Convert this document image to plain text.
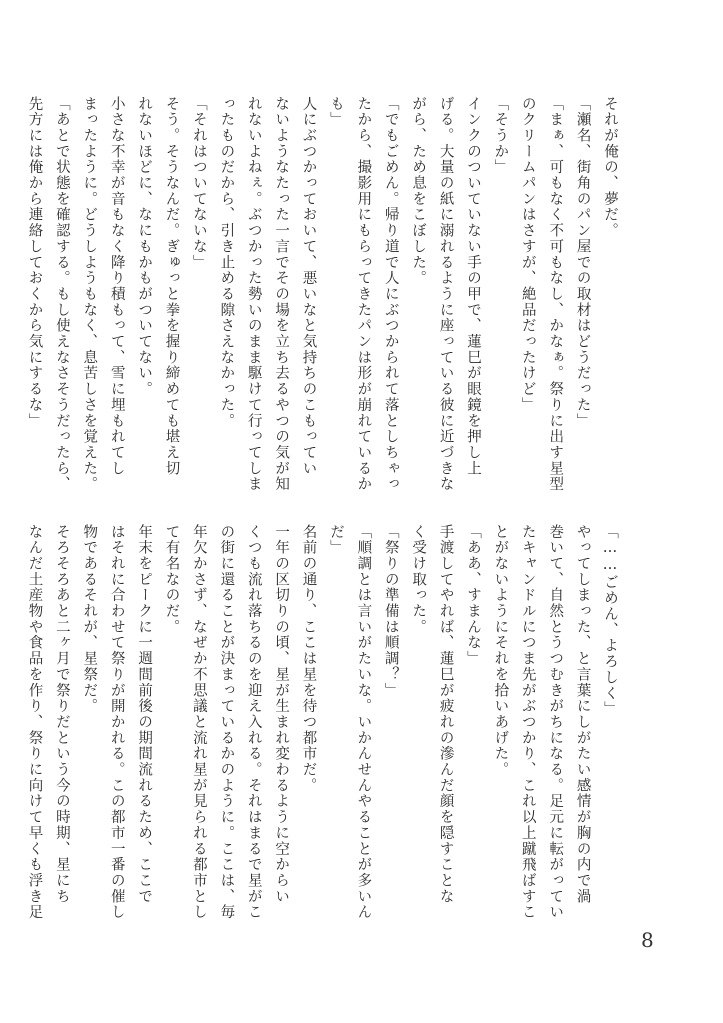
それが俺の、夢だ。
「瀬名、街角のパン屋での取材はどうだった」
「まぁ、可もなく不可もなし、かなぁ。祭りに出す星型
のクリームパンはさすが、絶品だったけど」
「そうか」
インクのついていない手の甲で、蓮巳が眼鏡を押し上
げる。大量の紙に溺れるように座っている彼に近づきな
がら、ため息をこぼした。
「でもごめん。帰り道で人にぶつかられて落としちゃっ
たから、撮影用にもらってきたパンは形が崩れているか
も」
人にぶつかっておいて、悪いなと気持ちのこもってい
ないようなたった一言でその場を立ち去るやつの気が知
れないよねぇ。ぶつかった勢いのまま駆けて行ってしま
ったものだから、引き止める隙さえなかった。
「それはついてないな」
そう。そうなんだ。ぎゅっと拳を握り締めても堪え切
れないほどに、なにもかもがついてない。
小さな不幸が音もなく降り積もって、雪に埋もれてし
まったように。どうしようもなく、息苦しさを覚えた。
「あとで状態を確認する。もし使えなさそうだったら、
先方には俺から連絡しておくから気にするな」
「……ごめん、よろしく」
やってしまった、と言葉にしがたい感情が胸の内で渦
巻いて、自然とうつむきがちになる。足元に転がってい
たキャンドルにつま先がぶつかり、これ以上蹴飛ばすこ
とがないようにそれを拾いあげた。
「ああ、すまんな」
手渡してやれば、蓮巳が疲れの滲んだ顔を隠すことな
く受け取った。
「祭りの準備は順調？」
「順調とは言いがたいな。いかんせんやることが多いん
だ」
名前の通り、ここは星を待つ都市だ。
一年の区切りの頃、星が生まれ変わるように空からい
くつも流れ落ちるのを迎え入れる。それはまるで星がこ
の街に還ることが決まっているかのように。ここは、毎
年欠かさず、なぜか不思議と流れ星が見られる都市とし
て有名なのだ。
年末をピークに一週間前後の期間流れるため、ここで
はそれに合わせて祭りが開かれる。この都市一番の催し
物であるそれが、星祭だ。
そろそろあと二ヶ月で祭りだという今の時期、星にち
なんだ土産物や食品を作り、祭りに向けて早くも浮き足
8
